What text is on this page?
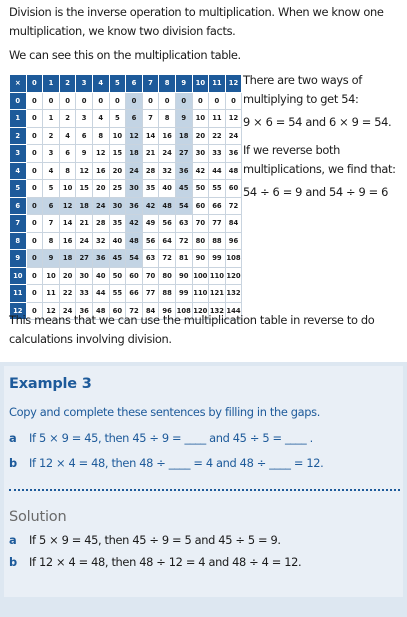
Division is the inverse operation to multiplication. When we know one multiplication, we know two division facts.

We can see this on the multiplication table.

×	0	1	2	3	4	5	6	7	8	9	10	11	12
0	0	0	0	0	0	0	0	0	0	0	0	0	0
1	0	1	2	3	4	5	6	7	8	9	10	11	12
2	0	2	4	6	8	10	12	14	16	18	20	22	24
3	0	3	6	9	12	15	18	21	24	27	30	33	36
4	0	4	8	12	16	20	24	28	32	36	42	44	48
5	0	5	10	15	20	25	30	35	40	45	50	55	60
6	0	6	12	18	24	30	36	42	48	54	60	66	72
7	0	7	14	21	28	35	42	49	56	63	70	77	84
8	0	8	16	24	32	40	48	56	64	72	80	88	96
9	0	9	18	27	36	45	54	63	72	81	90	99	108
10	0	10	20	30	40	50	60	70	80	90	100	110	120
11	0	11	22	33	44	55	66	77	88	99	110	121	132
12	0	12	24	36	48	60	72	84	96	108	120	132	144

There are two ways of multiplying to get 54:

9 × 6 = 54 and 6 × 9 = 54.

If we reverse both multiplications, we find that:

54 ÷ 6 = 9 and 54 ÷ 9 = 6

This means that we can use the multiplication table in reverse to do calculations involving division.

Example 3
Copy and complete these sentences by filling in the gaps.
a If 5 × 9 = 45, then 45 ÷ 9 = ____ and 45 ÷ 5 = ____ .
b If 12 × 4 = 48, then 48 ÷ ____ = 4 and 48 ÷ ____ = 12.
Solution
a If 5 × 9 = 45, then 45 ÷ 9 = 5 and 45 ÷ 5 = 9.
b If 12 × 4 = 48, then 48 ÷ 12 = 4 and 48 ÷ 4 = 12.
